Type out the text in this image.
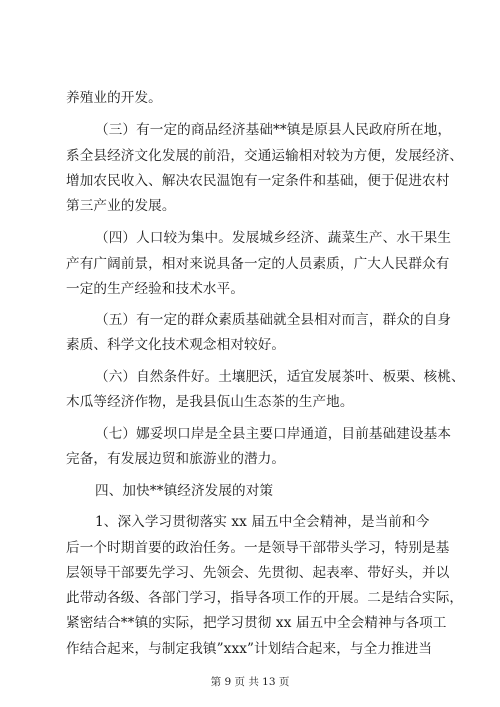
养殖业的开发。
（三）有一定的商品经济基础**镇是原县人民政府所在地，
系全县经济文化发展的前沿，交通运输相对较为方便，发展经济、
增加农民收入、解决农民温饱有一定条件和基础，便于促进农村
第三产业的发展。
（四）人口较为集中。发展城乡经济、蔬菜生产、水干果生
产有广阔前景，相对来说具备一定的人员素质，广大人民群众有
一定的生产经验和技术水平。
（五）有一定的群众素质基础就全县相对而言，群众的自身
素质、科学文化技术观念相对较好。
（六）自然条件好。土壤肥沃，适宜发展茶叶、板栗、核桃、
木瓜等经济作物，是我县佤山生态茶的生产地。
（七）娜妥坝口岸是全县主要口岸通道，目前基础建设基本
完备，有发展边贸和旅游业的潜力。
四、加快**镇经济发展的对策
1、深入学习贯彻落实 xx 届五中全会精神，是当前和今
后一个时期首要的政治任务。一是领导干部带头学习，特别是基
层领导干部要先学习、先领会、先贯彻、起表率、带好头，并以
此带动各级、各部门学习，指导各项工作的开展。二是结合实际，
紧密结合**镇的实际，把学习贯彻 xx 届五中全会精神与各项工
作结合起来，与制定我镇”xxx”计划结合起来，与全力推进当
第 9 页 共 13 页
